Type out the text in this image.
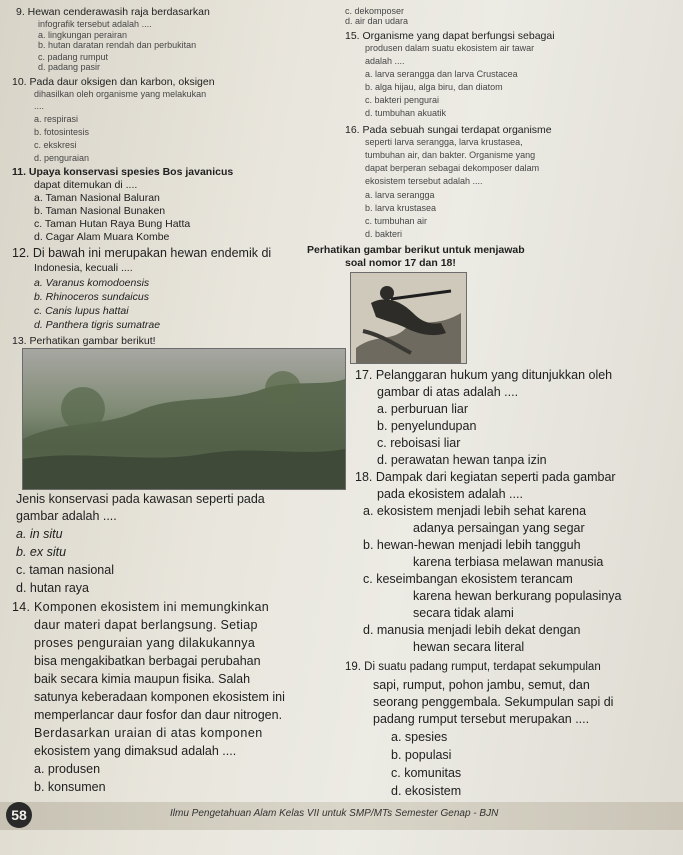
9. Hewan cenderawasih raja berdasarkan
infografik tersebut adalah ....
a. lingkungan perairan
b. hutan daratan rendah dan perbukitan
c. padang rumput
d. padang pasir
10. Pada daur oksigen dan karbon, oksigen
dihasilkan oleh organisme yang melakukan
....
a. respirasi
b. fotosintesis
c. ekskresi
d. penguraian
11. Upaya konservasi spesies Bos javanicus
dapat ditemukan di ....
a. Taman Nasional Baluran
b. Taman Nasional Bunaken
c. Taman Hutan Raya Bung Hatta
d. Cagar Alam Muara Kombe
12. Di bawah ini merupakan hewan endemik di
Indonesia, kecuali ....
a. Varanus komodoensis
b. Rhinoceros sundaicus
c. Canis lupus hattai
d. Panthera tigris sumatrae
13. Perhatikan gambar berikut!
Jenis konservasi pada kawasan seperti pada
gambar adalah ....
a. in situ
b. ex situ
c. taman nasional
d. hutan raya
14. Komponen ekosistem ini memungkinkan
daur materi dapat berlangsung. Setiap
proses penguraian yang dilakukannya
bisa mengakibatkan berbagai perubahan
baik secara kimia maupun fisika. Salah
satunya keberadaan komponen ekosistem ini
memperlancar daur fosfor dan daur nitrogen.
Berdasarkan uraian di atas komponen
ekosistem yang dimaksud adalah ....
a. produsen
b. konsumen
c. dekomposer
d. air dan udara
15. Organisme yang dapat berfungsi sebagai
produsen dalam suatu ekosistem air tawar
adalah ....
a. larva serangga dan larva Crustacea
b. alga hijau, alga biru, dan diatom
c. bakteri pengurai
d. tumbuhan akuatik
16. Pada sebuah sungai terdapat organisme
seperti larva serangga, larva krustasea,
tumbuhan air, dan bakter. Organisme yang
dapat berperan sebagai dekomposer dalam
ekosistem tersebut adalah ....
a. larva serangga
b. larva krustasea
c. tumbuhan air
d. bakteri
Perhatikan gambar berikut untuk menjawab
soal nomor 17 dan 18!
17. Pelanggaran hukum yang ditunjukkan oleh
gambar di atas adalah ....
a. perburuan liar
b. penyelundupan
c. reboisasi liar
d. perawatan hewan tanpa izin
18. Dampak dari kegiatan seperti pada gambar
pada ekosistem adalah ....
a. ekosistem menjadi lebih sehat karena
adanya persaingan yang segar
b. hewan-hewan menjadi lebih tangguh
karena terbiasa melawan manusia
c. keseimbangan ekosistem terancam
karena hewan berkurang populasinya
secara tidak alami
d. manusia menjadi lebih dekat dengan
hewan secara literal
19. Di suatu padang rumput, terdapat sekumpulan
sapi, rumput, pohon jambu, semut, dan
seorang penggembala. Sekumpulan sapi di
padang rumput tersebut merupakan ....
a. spesies
b. populasi
c. komunitas
d. ekosistem
58	Ilmu Pengetahuan Alam Kelas VII untuk SMP/MTs Semester Genap - BJN
